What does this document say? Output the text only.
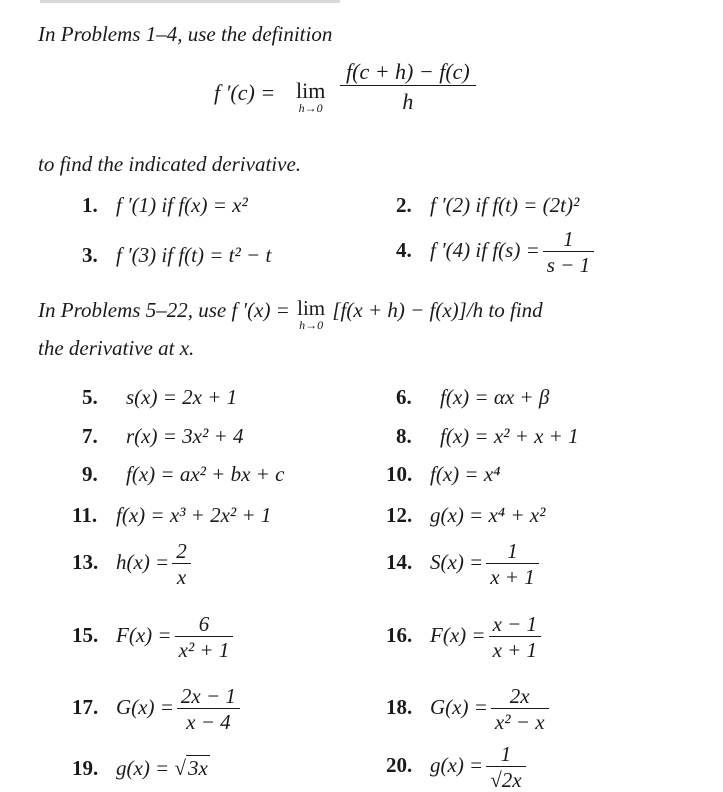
In Problems 1–4, use the definition
f ′(c) = lim
$h\to 0 \frac{f(c + h) - f(c)}{h}$
to find the indicated derivative.
1. f ′(1) if f(x) = x²	2. f ′(2) if f(t) = (2t)²
3. f ′(3) if f(t) = t² − t	4. f ′(4) if $f(s) = \frac{1}{s - 1}$
In Problems 5–22, use f ′(x) = lim
h→0
[f(x + h) − f(x)]/h to find
the derivative at x.
5. s(x) = 2x + 1	6. f(x) = αx + β
7. r(x) = 3x² + 4	8. f(x) = x² + x + 1
9. f(x) = ax² + bx + c	10. f(x) = x⁴
11. f(x) = x³ + 2x² + 1	12. g(x) = x⁴ + x²
13. $h(x) = \frac{2}{x}$	14. $S(x) = \frac{1}{x + 1}$
15. $F(x) = \frac{6}{\text{x² + 1}}$	16. $F(x) = \frac{x - 1}{x + 1}$
17. $G(x) = \frac{2x - 1}{x - 4}$	18. $G(x) = \frac{2x}{\text{x² − x}}$
19. g(x) = √3x	20. $g(x) = \frac{1}{√2x}$
